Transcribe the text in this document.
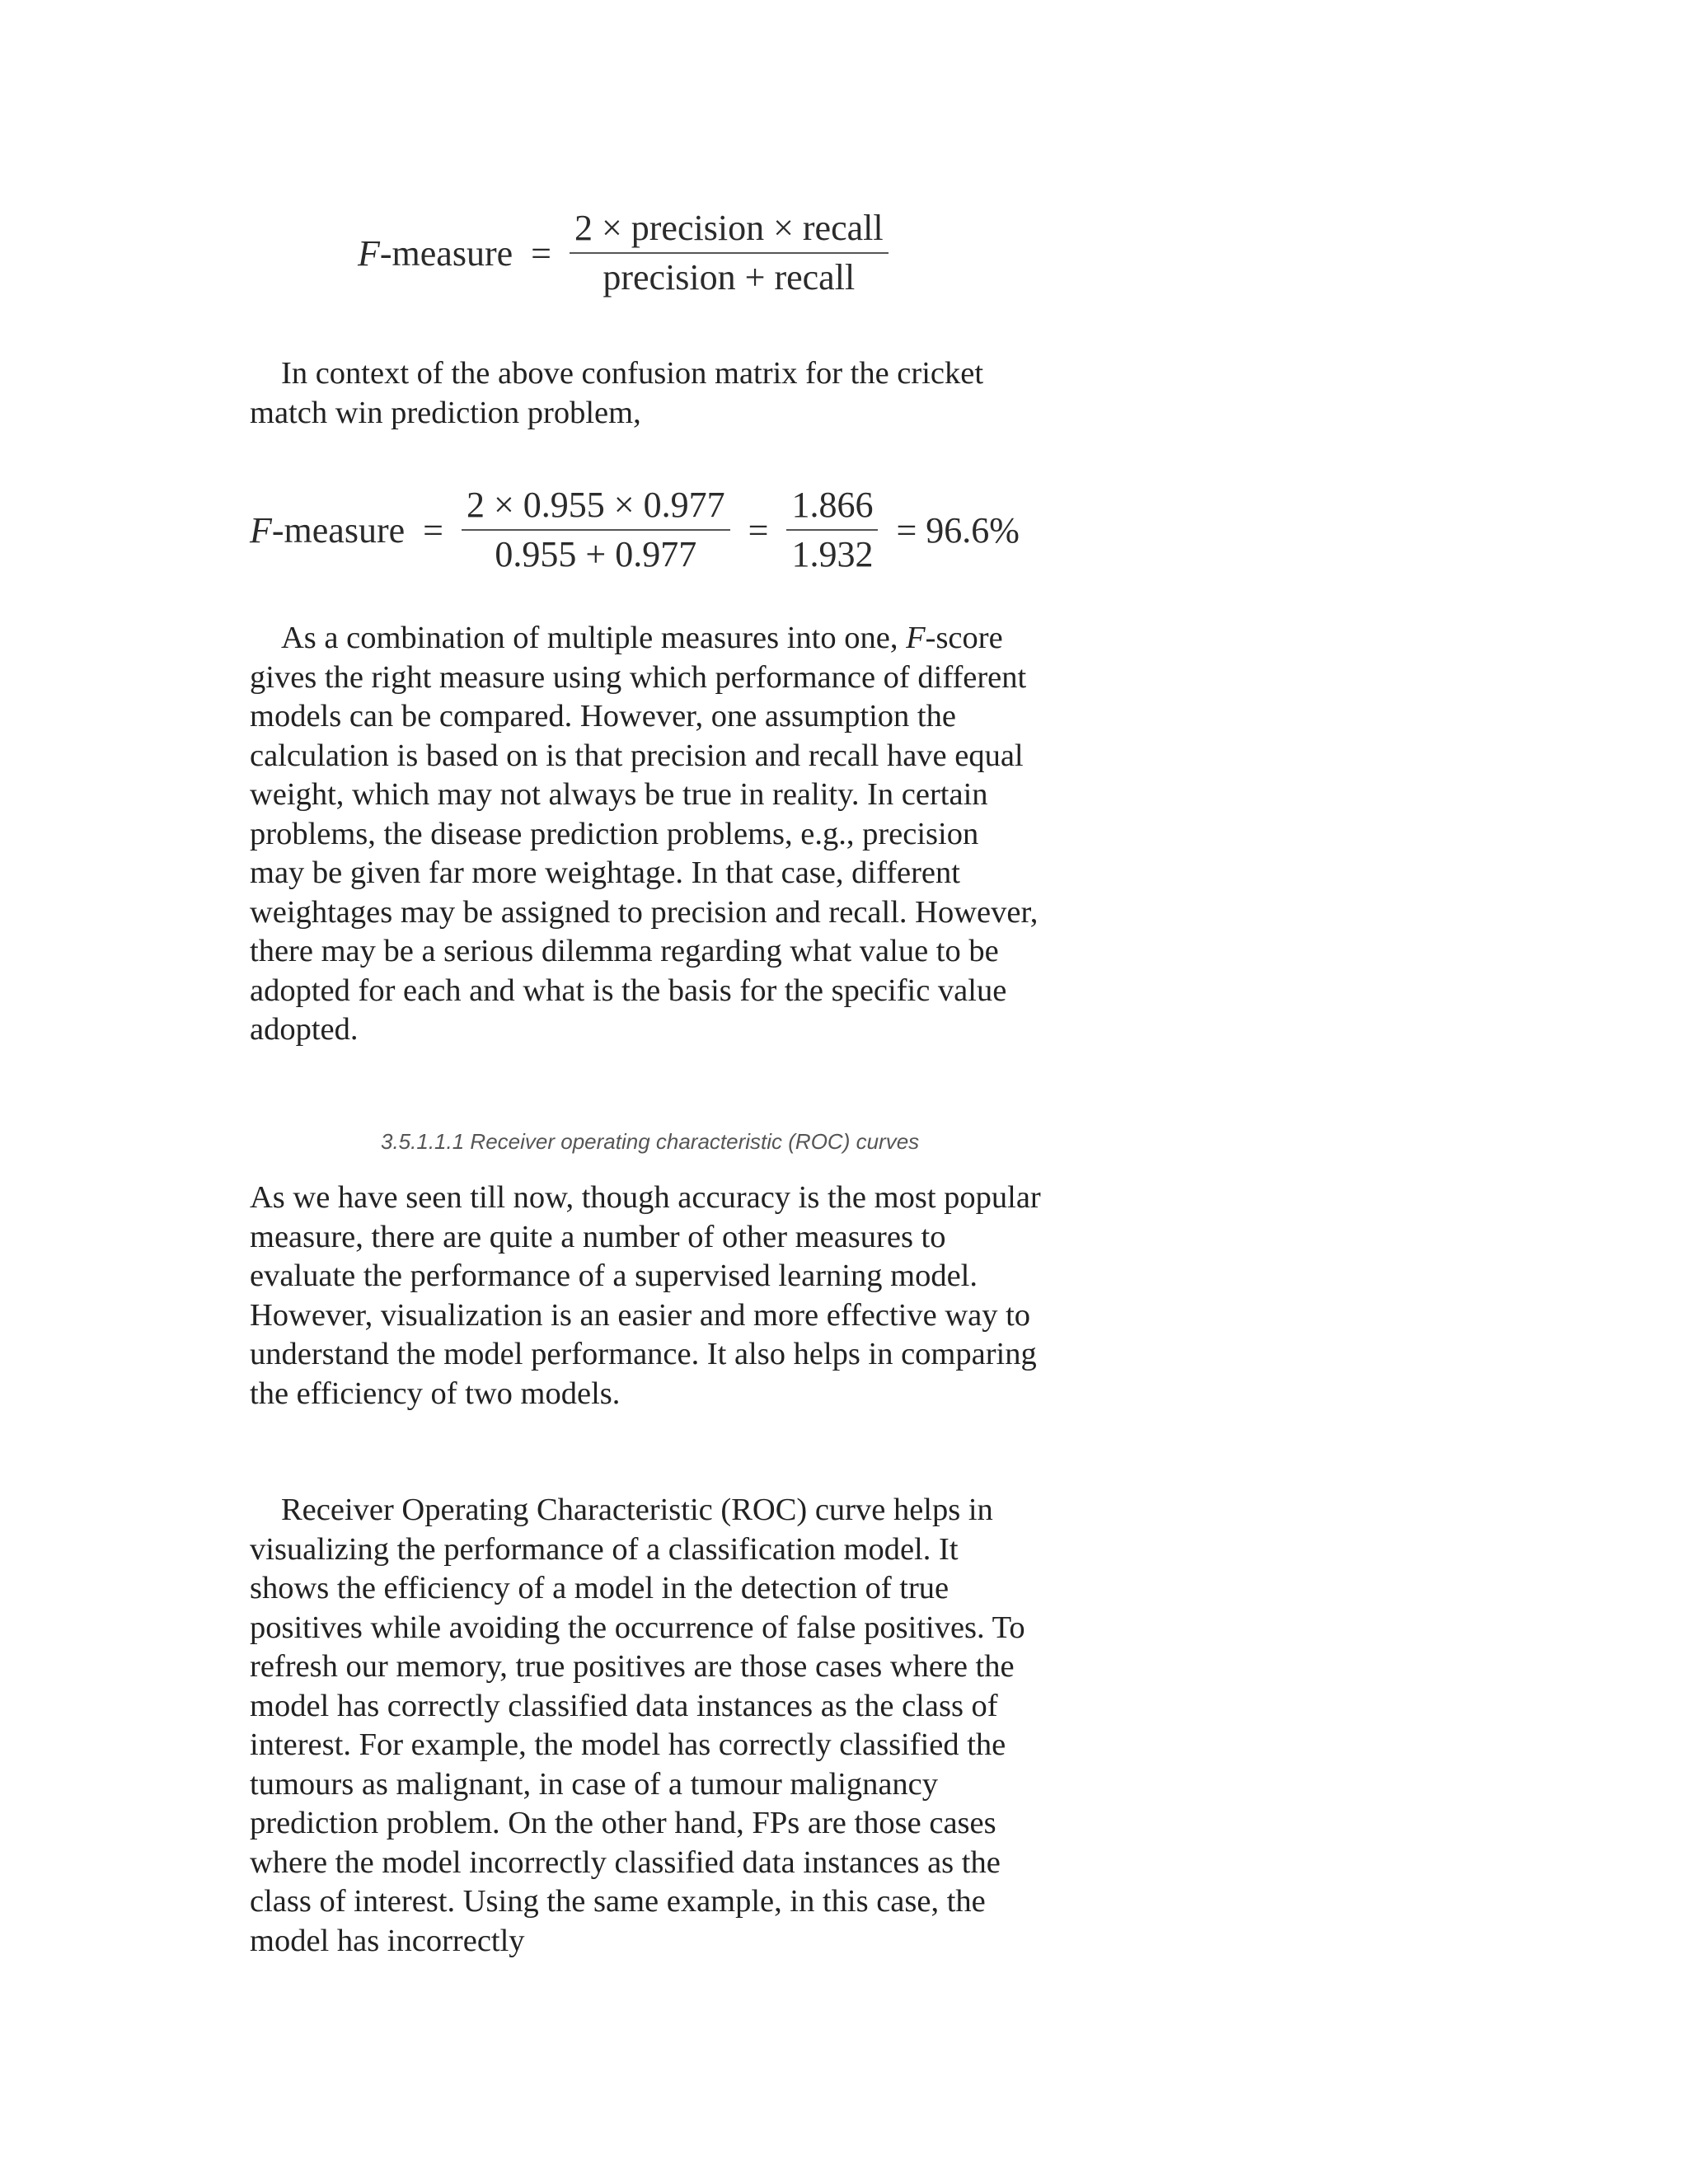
F-measure = $\frac{\text{2 × precision × recall}}{\text{precision + recall}}$

In context of the above confusion matrix for the cricket match win prediction problem,

F-measure = $\frac{2 \times 0.955 \times 0.977}{0.955 + 0.977} = \frac{1.866}{1.932} = 96.6\%$

As a combination of multiple measures into one, F-score gives the right measure using which performance of different models can be compared. However, one assumption the calculation is based on is that precision and recall have equal weight, which may not always be true in reality. In certain problems, the disease prediction problems, e.g., precision may be given far more weightage. In that case, different weightages may be assigned to precision and recall. However, there may be a serious dilemma regarding what value to be adopted for each and what is the basis for the specific value adopted.

3.5.1.1.1 Receiver operating characteristic (ROC) curves

As we have seen till now, though accuracy is the most popular measure, there are quite a number of other measures to evaluate the performance of a supervised learning model. However, visualization is an easier and more effective way to understand the model performance. It also helps in comparing the efficiency of two models.

Receiver Operating Characteristic (ROC) curve helps in visualizing the performance of a classification model. It shows the efficiency of a model in the detection of true positives while avoiding the occurrence of false positives. To refresh our memory, true positives are those cases where the model has correctly classified data instances as the class of interest. For example, the model has correctly classified the tumours as malignant, in case of a tumour malignancy prediction problem. On the other hand, FPs are those cases where the model incorrectly classified data instances as the class of interest. Using the same example, in this case, the model has incorrectly
